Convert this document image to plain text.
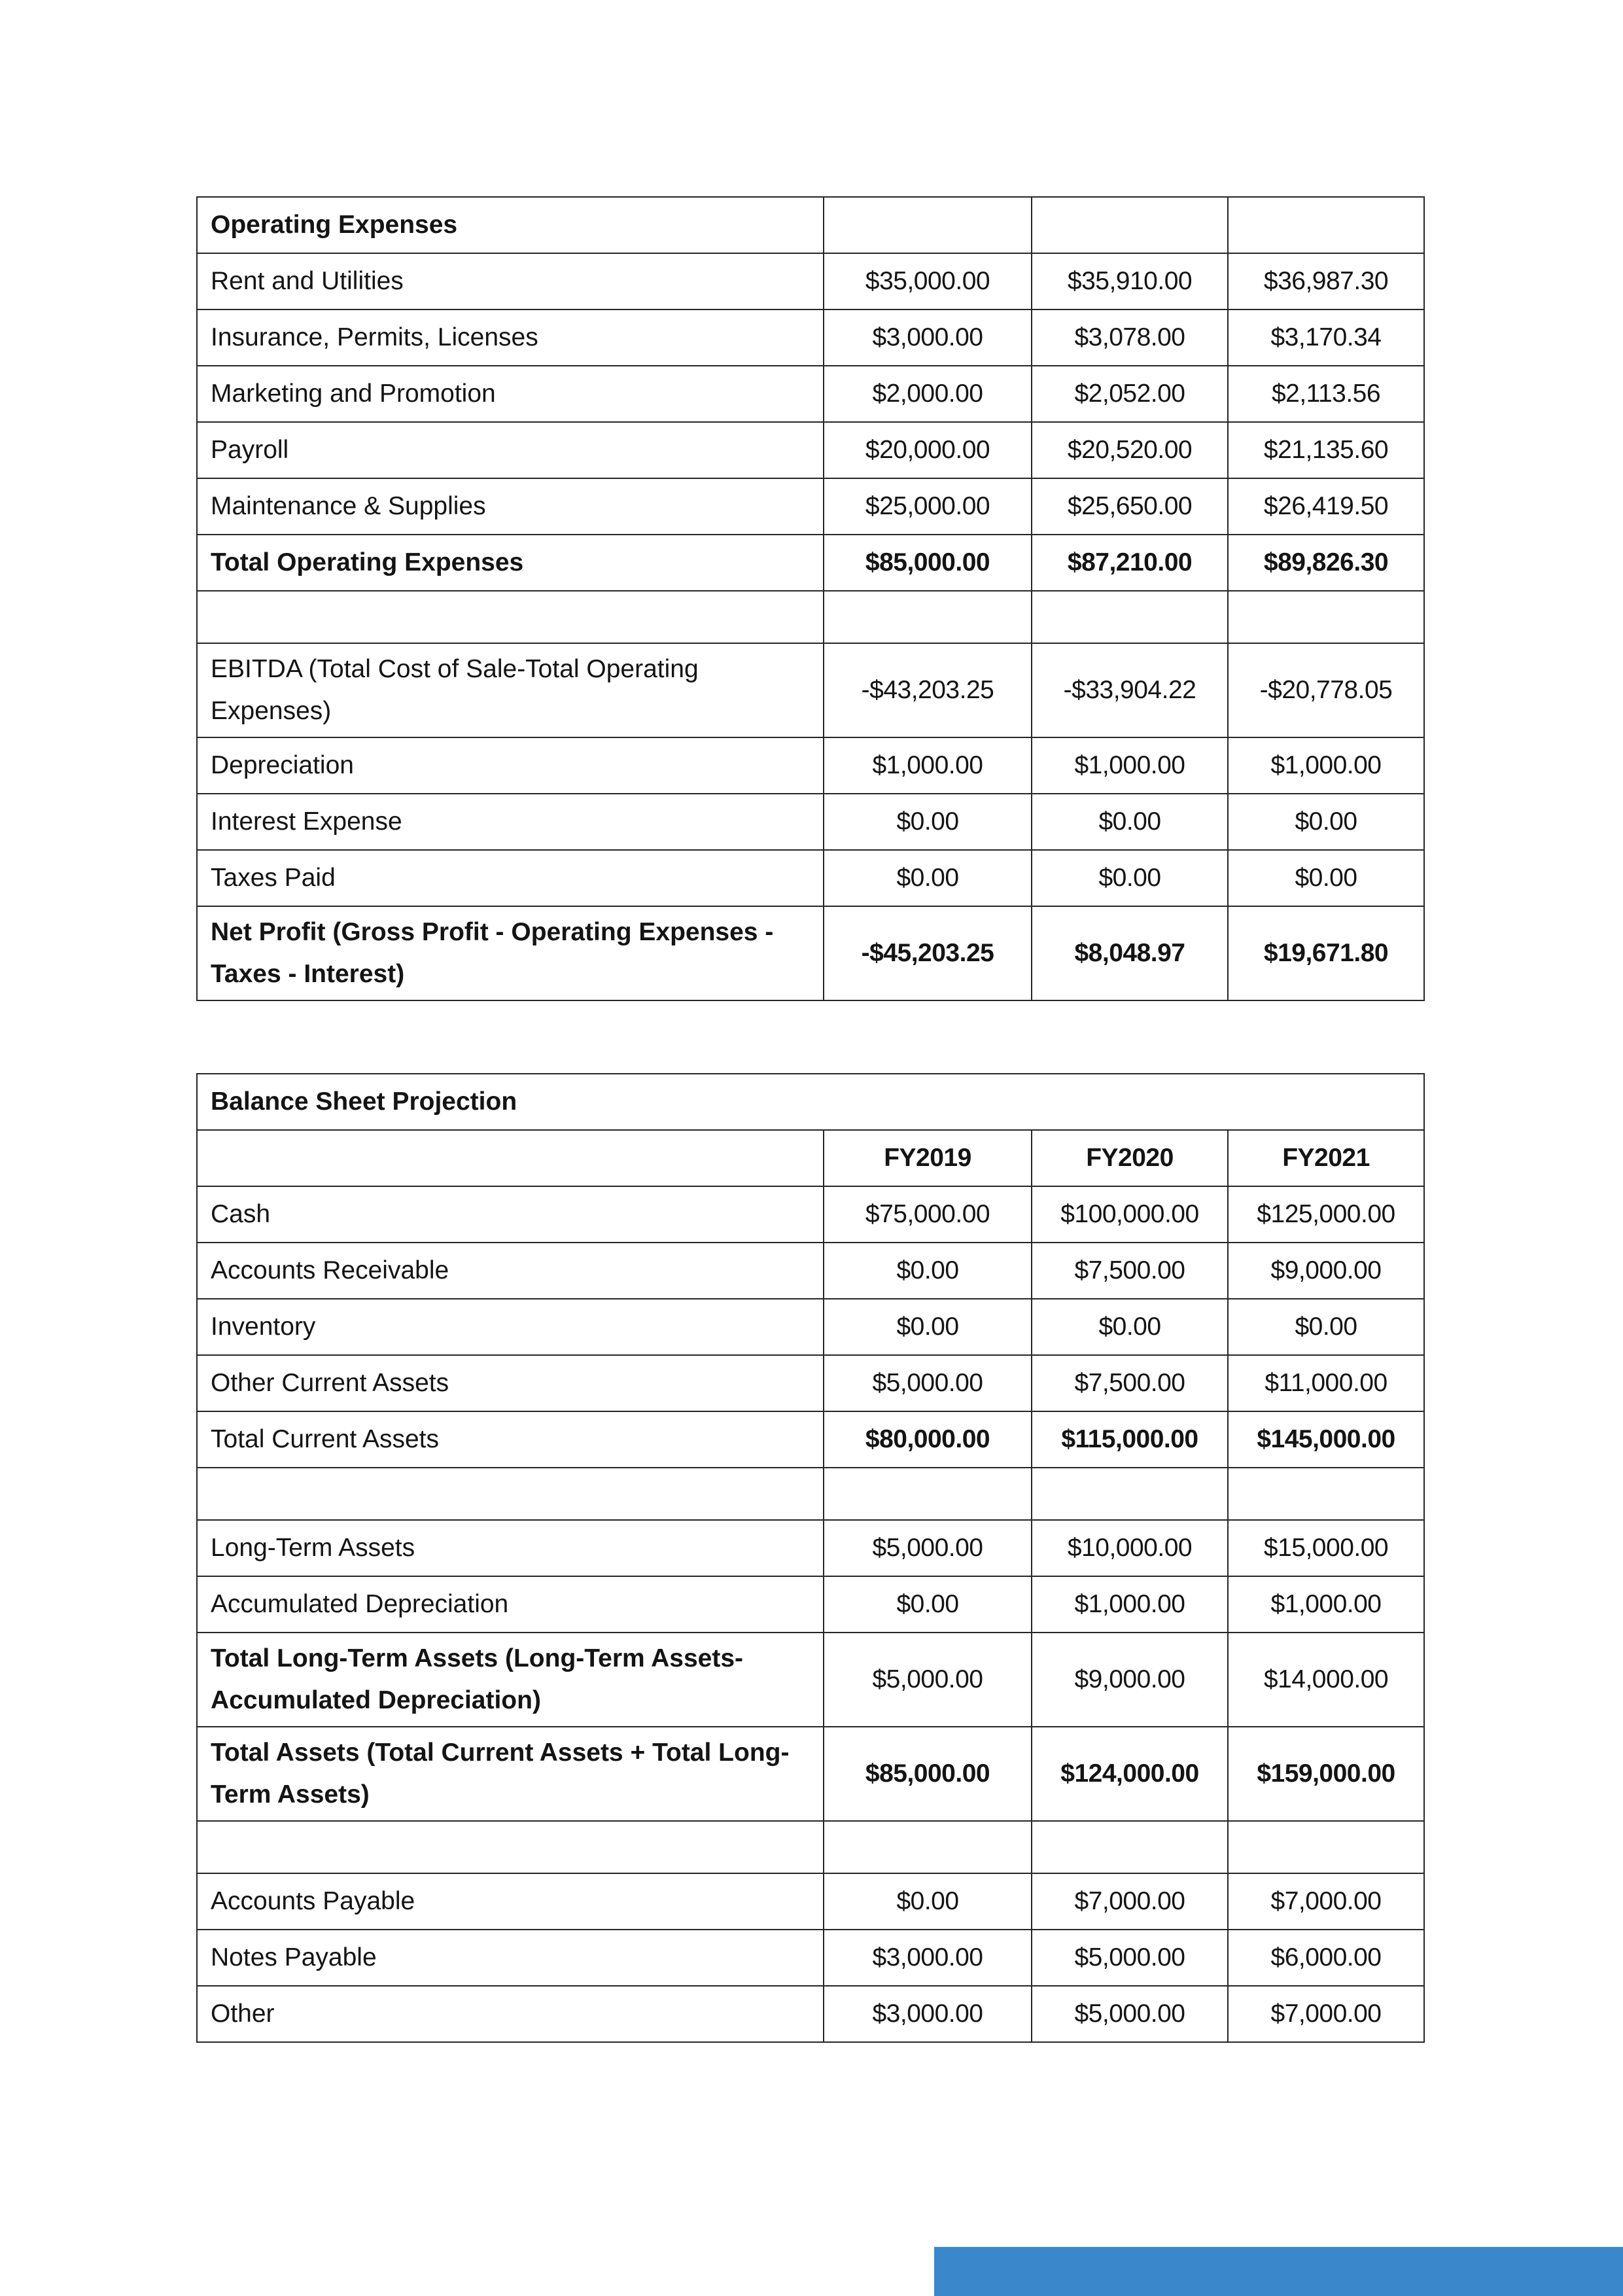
Operating Expenses			
Rent and Utilities	$35,000.00	$35,910.00	$36,987.30
Insurance, Permits, Licenses	$3,000.00	$3,078.00	$3,170.34
Marketing and Promotion	$2,000.00	$2,052.00	$2,113.56
Payroll	$20,000.00	$20,520.00	$21,135.60
Maintenance & Supplies	$25,000.00	$25,650.00	$26,419.50
Total Operating Expenses	$85,000.00	$87,210.00	$89,826.30

EBITDA (Total Cost of Sale-Total Operating Expenses)	-$43,203.25	-$33,904.22	-$20,778.05
Depreciation	$1,000.00	$1,000.00	$1,000.00
Interest Expense	$0.00	$0.00	$0.00
Taxes Paid	$0.00	$0.00	$0.00
Net Profit (Gross Profit - Operating Expenses - Taxes - Interest)	-$45,203.25	$8,048.97	$19,671.80
Balance Sheet Projection			
	FY2019	FY2020	FY2021
Cash	$75,000.00	$100,000.00	$125,000.00
Accounts Receivable	$0.00	$7,500.00	$9,000.00
Inventory	$0.00	$0.00	$0.00
Other Current Assets	$5,000.00	$7,500.00	$11,000.00
Total Current Assets	$80,000.00	$115,000.00	$145,000.00

Long-Term Assets	$5,000.00	$10,000.00	$15,000.00
Accumulated Depreciation	$0.00	$1,000.00	$1,000.00
Total Long-Term Assets (Long-Term Assets-Accumulated Depreciation)	$5,000.00	$9,000.00	$14,000.00
Total Assets (Total Current Assets + Total Long-Term Assets)	$85,000.00	$124,000.00	$159,000.00

Accounts Payable	$0.00	$7,000.00	$7,000.00
Notes Payable	$3,000.00	$5,000.00	$6,000.00
Other	$3,000.00	$5,000.00	$7,000.00
